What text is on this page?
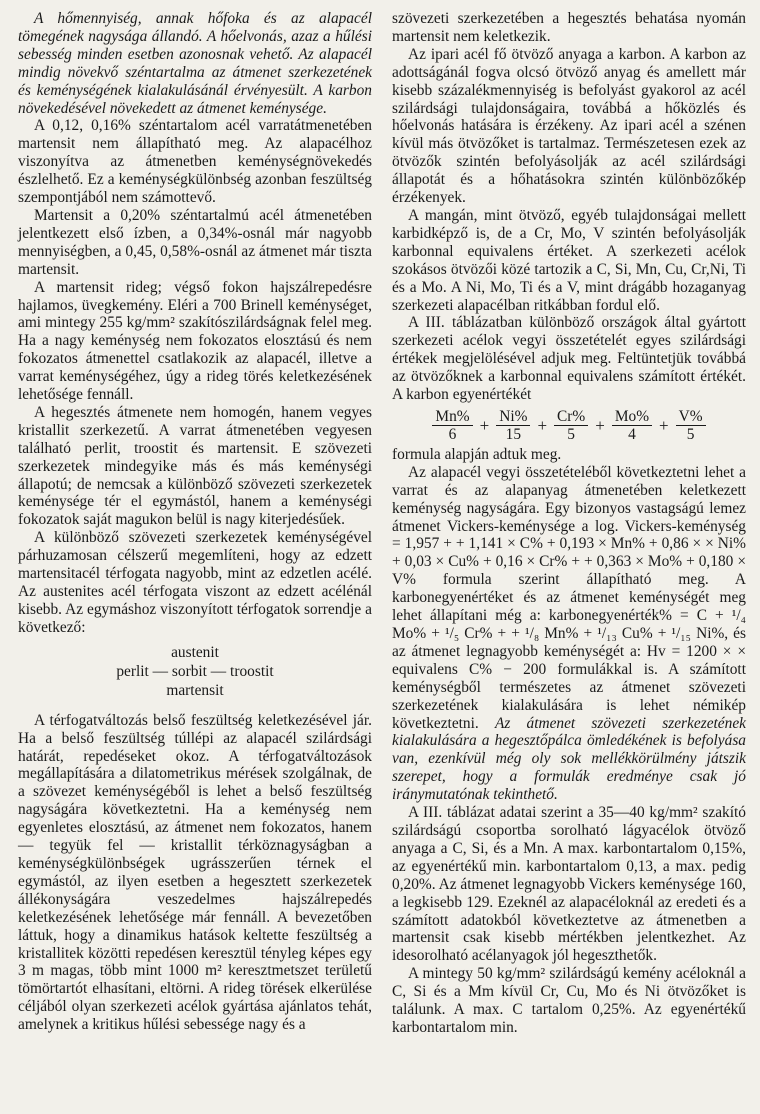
A hőmennyiség, annak hőfoka és az alapacél tömegének nagysága állandó. A hőelvonás, azaz a hűlési sebesség minden esetben azonosnak vehető. Az alapacél mindig növekvő széntartalma az átmenet szerkezetének és keménységének kialakulásánál érvényesült. A karbon növekedésével növekedett az átmenet keménysége.

A 0,12, 0,16% széntartalom acél varratátmenetében martensit nem állapítható meg. Az alapacélhoz viszonyítva az átmenetben keménységnövekedés észlelhető. Ez a keménységkülönbség azonban feszültség szempontjából nem számottevő.

Martensit a 0,20% széntartalmú acél átmenetében jelentkezett első ízben, a 0,34%-osnál már nagyobb mennyiségben, a 0,45, 0,58%-osnál az átmenet már tiszta martensit.

A martensit rideg; végső fokon hajszálrepedésre hajlamos, üvegkemény. Eléri a 700 Brinell keménységet, ami mintegy 255 kg/mm² szakítószilárdságnak felel meg. Ha a nagy keménység nem fokozatos elosztású és nem fokozatos átmenettel csatlakozik az alapacél, illetve a varrat keménységéhez, úgy a rideg törés keletkezésének lehetősége fennáll.

A hegesztés átmenete nem homogén, hanem vegyes kristallit szerkezetű. A varrat átmenetében vegyesen található perlit, troostit és martensit. E szövezeti szerkezetek mindegyike más és más keménységi állapotú; de nemcsak a különböző szövezeti szerkezetek keménysége tér el egymástól, hanem a keménységi fokozatok saját magukon belül is nagy kiterjedésűek.

A különböző szövezeti szerkezetek keménységével párhuzamosan célszerű megemlíteni, hogy az edzett martensitacél térfogata nagyobb, mint az edzetlen acélé. Az austenites acél térfogata viszont az edzett acélénál kisebb. Az egymáshoz viszonyított térfogatok sorrendje a következő:

austenit
perlit — sorbit — troostit
martensit

A térfogatváltozás belső feszültség keletkezésével jár. Ha a belső feszültség túllépi az alapacél szilárdsági határát, repedéseket okoz. A térfogatváltozások megállapítására a dilatometrikus mérések szolgálnak, de a szövezet keménységéből is lehet a belső feszültség nagyságára következtetni. Ha a keménység nem egyenletes elosztású, az átmenet nem fokozatos, hanem — tegyük fel — kristallit térköznagyságban a keménységkülönbségek ugrásszerűen térnek el egymástól, az ilyen esetben a hegesztett szerkezetek állékonyságára veszedelmes hajszálrepedés keletkezésének lehetősége már fennáll. A bevezetőben láttuk, hogy a dinamikus hatások keltette feszültség a kristallitek közötti repedésen keresztül tényleg képes egy 3 m magas, több mint 1000 m² keresztmetszet területű tömörtartót elhasítani, eltörni. A rideg törések elkerülése céljából olyan szerkezeti acélok gyártása ajánlatos tehát, amelynek a kritikus hűlési sebessége nagy és a

szövezeti szerkezetében a hegesztés behatása nyomán martensit nem keletkezik.

Az ipari acél fő ötvöző anyaga a karbon. A karbon az adottságánál fogva olcsó ötvöző anyag és amellett már kisebb százalékmennyiség is befolyást gyakorol az acél szilárdsági tulajdonságaira, továbbá a hőközlés és hőelvonás hatására is érzékeny. Az ipari acél a szénen kívül más ötvözőket is tartalmaz. Természetesen ezek az ötvözők szintén befolyásolják az acél szilárdsági állapotát és a hőhatásokra szintén különbözőkép érzékenyek.

A mangán, mint ötvöző, egyéb tulajdonságai mellett karbidképző is, de a Cr, Mo, V szintén befolyásolják karbonnal equivalens értéket. A szerkezeti acélok szokásos ötvözői közé tartozik a C, Si, Mn, Cu, Cr,Ni, Ti és a Mo. A Ni, Mo, Ti és a V, mint drágább hozaganyag szerkezeti alapacélban ritkábban fordul elő.

A III. táblázatban különböző országok által gyártott szerkezeti acélok vegyi összetételét egyes szilárdsági értékek megjelölésével adjuk meg. Feltüntetjük továbbá az ötvözőknek a karbonnal equivalens számított értékét. A karbon egyenértékét

$\frac{Mn\%}{6} + \frac{Ni\%}{15} + \frac{Cr\%}{5} + \frac{Mo\%}{4} + \frac{V\%}{5}$

formula alapján adtuk meg.

Az alapacél vegyi összetételéből következtetni lehet a varrat és az alapanyag átmenetében keletkezett keménység nagyságára. Egy bizonyos vastagságú lemez átmenet Vickers-keménysége a log. Vickers-keménység = 1,957 + + 1,141 × C% + 0,193 × Mn% + 0,86 × × Ni% + 0,03 × Cu% + 0,16 × Cr% + + 0,363 × Mo% + 0,180 × V% formula szerint állapítható meg. A karbonegyenértéket és az átmenet keménységét meg lehet állapítani még a: karbonegyenérték% = C + ¹/₄ Mo% + ¹/₅ Cr% + + ¹/₈ Mn% + ¹/₁₃ Cu% + ¹/₁₅ Ni%, és az átmenet legnagyobb keménységét a: Hv = 1200 × × equivalens C% − 200 formulákkal is. A számított keménységből természetes az átmenet szövezeti szerkezetének kialakulására is lehet némikép következtetni. Az átmenet szövezeti szerkezetének kialakulására a hegesztőpálca ömledékének is befolyása van, ezenkívül még oly sok mellékkörülmény játszik szerepet, hogy a formulák eredménye csak jó iránymutatónak tekinthető.

A III. táblázat adatai szerint a 35—40 kg/mm² szakító szilárdságú csoportba sorolható lágyacélok ötvöző anyaga a C, Si, és a Mn. A max. karbontartalom 0,15%, az egyenértékű min. karbontartalom 0,13, a max. pedig 0,20%. Az átmenet legnagyobb Vickers keménysége 160, a legkisebb 129. Ezeknél az alapacéloknál az eredeti és a számított adatokból következtetve az átmenetben a martensit csak kisebb mértékben jelentkezhet. Az idesorolható acélanyagok jól hegeszthetők.

A mintegy 50 kg/mm² szilárdságú kemény acéloknál a C, Si és a Mm kívül Cr, Cu, Mo és Ni ötvözőket is találunk. A max. C tartalom 0,25%. Az egyenértékű karbontartalom min.
